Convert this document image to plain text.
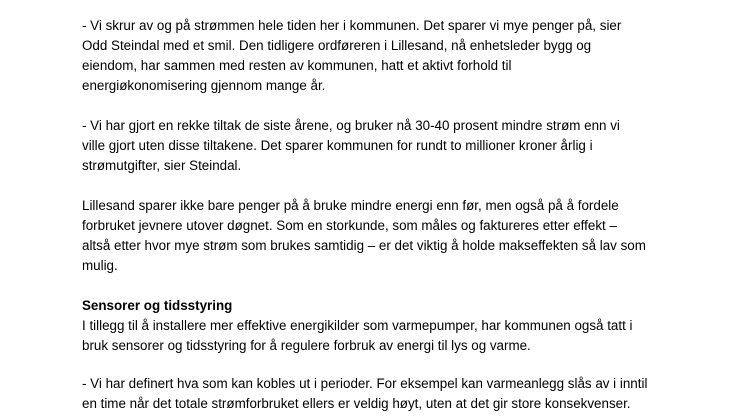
- Vi skrur av og på strømmen hele tiden her i kommunen. Det sparer vi mye penger på, sier
Odd Steindal med et smil. Den tidligere ordføreren i Lillesand, nå enhetsleder bygg og
eiendom, har sammen med resten av kommunen, hatt et aktivt forhold til
energiøkonomisering gjennom mange år.

- Vi har gjort en rekke tiltak de siste årene, og bruker nå 30-40 prosent mindre strøm enn vi
ville gjort uten disse tiltakene. Det sparer kommunen for rundt to millioner kroner årlig i
strømutgifter, sier Steindal.

Lillesand sparer ikke bare penger på å bruke mindre energi enn før, men også på å fordele
forbruket jevnere utover døgnet. Som en storkunde, som måles og faktureres etter effekt –
altså etter hvor mye strøm som brukes samtidig – er det viktig å holde makseffekten så lav som
mulig.

Sensorer og tidsstyring
I tillegg til å installere mer effektive energikilder som varmepumper, har kommunen også tatt i
bruk sensorer og tidsstyring for å regulere forbruk av energi til lys og varme.

- Vi har definert hva som kan kobles ut i perioder. For eksempel kan varmeanlegg slås av i inntil
en time når det totale strømforbruket ellers er veldig høyt, uten at det gir store konsekvenser.
